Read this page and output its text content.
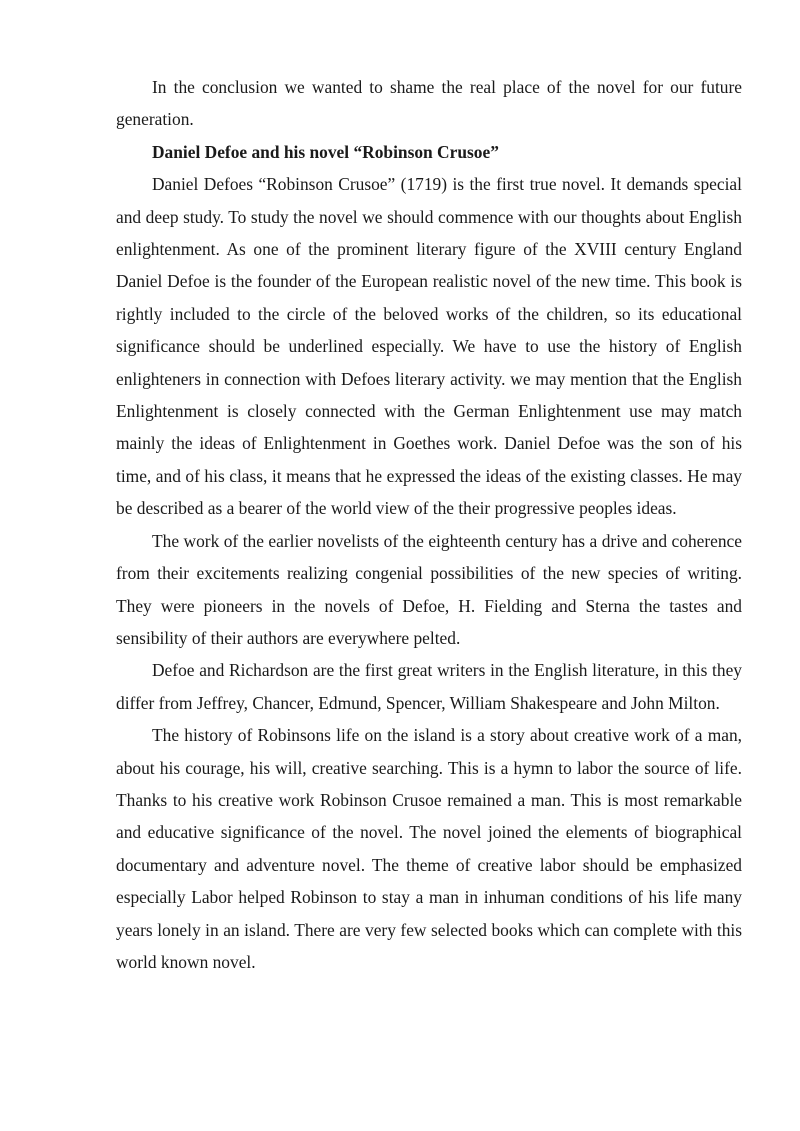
In the conclusion we wanted to shame the real place of the novel for our future generation.

Daniel Defoe and his novel “Robinson Crusoe”

Daniel Defoes “Robinson Crusoe” (1719) is the first true novel. It demands special and deep study. To study the novel we should commence with our thoughts about English enlightenment. As one of the prominent literary figure of the XVIII century England Daniel Defoe is the founder of the European realistic novel of the new time. This book is rightly included to the circle of the beloved works of the children, so its educational significance should be underlined especially. We have to use the history of English enlighteners in connection with Defoes literary activity. we may mention that the English Enlightenment is closely connected with the German Enlightenment use may match mainly the ideas of Enlightenment in Goethes work. Daniel Defoe was the son of his time, and of his class, it means that he expressed the ideas of the existing classes. He may be described as a bearer of the world view of the their progressive peoples ideas.

The work of the earlier novelists of the eighteenth century has a drive and coherence from their excitements realizing congenial possibilities of the new species of writing. They were pioneers in the novels of Defoe, H. Fielding and Sterna the tastes and sensibility of their authors are everywhere pelted.

Defoe and Richardson are the first great writers in the English literature, in this they differ from Jeffrey, Chancer, Edmund, Spencer, William Shakespeare and John Milton.

The history of Robinsons life on the island is a story about creative work of a man, about his courage, his will, creative searching. This is a hymn to labor the source of life. Thanks to his creative work Robinson Crusoe remained a man. This is most remarkable and educative significance of the novel. The novel joined the elements of biographical documentary and adventure novel. The theme of creative labor should be emphasized especially Labor helped Robinson to stay a man in inhuman conditions of his life many years lonely in an island. There are very few selected books which can complete with this world known novel.
